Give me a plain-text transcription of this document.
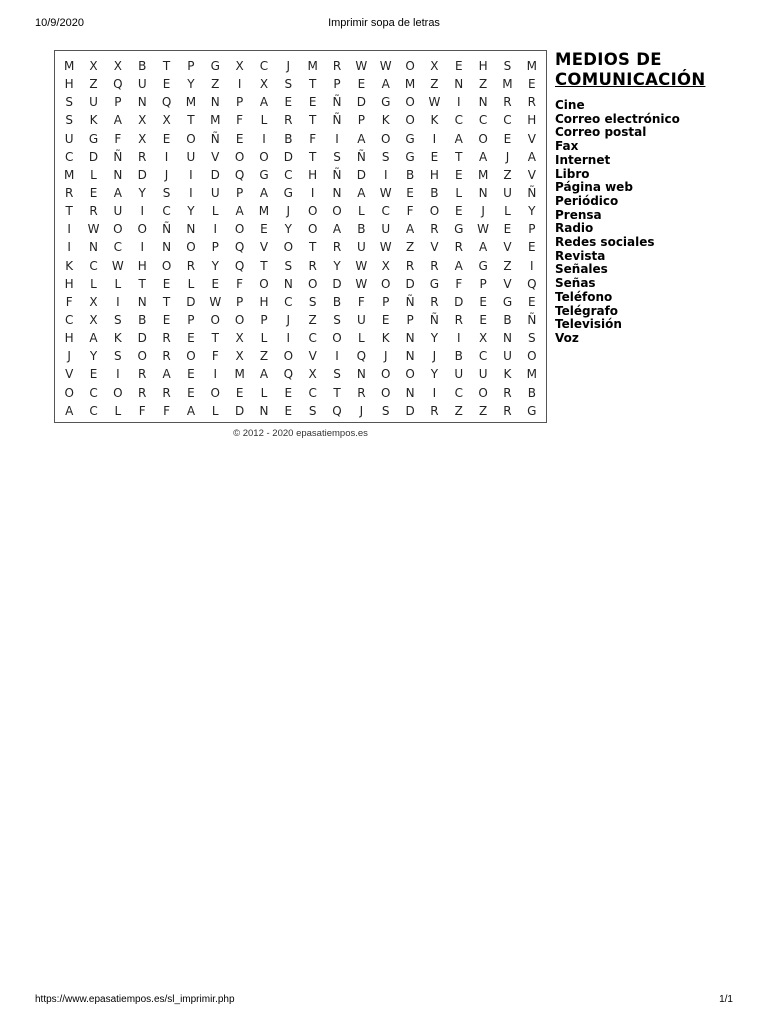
10/9/2020	Imprimir sopa de letras
M	X	X	B	T	P	G	X	C	J	M	R	W	W	O	X	E	H	S	M
H	Z	Q	U	E	Y	Z	I	X	S	T	P	E	A	M	Z	N	Z	M	E
S	U	P	N	Q	M	N	P	A	E	E	Ñ	D	G	O	W	I	N	R	R
S	K	A	X	X	T	M	F	L	R	T	Ñ	P	K	O	K	C	C	C	H
U	G	F	X	E	O	Ñ	E	I	B	F	I	A	O	G	I	A	O	E	V
C	D	Ñ	R	I	U	V	O	O	D	T	S	Ñ	S	G	E	T	A	J	A
M	L	N	D	J	I	D	Q	G	C	H	Ñ	D	I	B	H	E	M	Z	V
R	E	A	Y	S	I	U	P	A	G	I	N	A	W	E	B	L	N	U	Ñ
T	R	U	I	C	Y	L	A	M	J	O	O	L	C	F	O	E	J	L	Y
I	W	O	O	Ñ	N	I	O	E	Y	O	A	B	U	A	R	G	W	E	P
I	N	C	I	N	O	P	Q	V	O	T	R	U	W	Z	V	R	A	V	E
K	C	W	H	O	R	Y	Q	T	S	R	Y	W	X	R	R	A	G	Z	I
H	L	L	T	E	L	E	F	O	N	O	D	W	O	D	G	F	P	V	Q
F	X	I	N	T	D	W	P	H	C	S	B	F	P	Ñ	R	D	E	G	E
C	X	S	B	E	P	O	O	P	J	Z	S	U	E	P	Ñ	R	E	B	Ñ
H	A	K	D	R	E	T	X	L	I	C	O	L	K	N	Y	I	X	N	S
J	Y	S	O	R	O	F	X	Z	O	V	I	Q	J	N	J	B	C	U	O
V	E	I	R	A	E	I	M	A	Q	X	S	N	O	O	Y	U	U	K	M
O	C	O	R	R	E	O	E	L	E	C	T	R	O	N	I	C	O	R	B
A	C	L	F	F	A	L	D	N	E	S	Q	J	S	D	R	Z	Z	R	G
© 2012 - 2020 epasatiempos.es
MEDIOS DE
COMUNICACIÓN
Cine
Correo electrónico
Correo postal
Fax
Internet
Libro
Página web
Periódico
Prensa
Radio
Redes sociales
Revista
Señales
Señas
Teléfono
Telégrafo
Televisión
Voz
https://www.epasatiempos.es/sl_imprimir.php	1/1
